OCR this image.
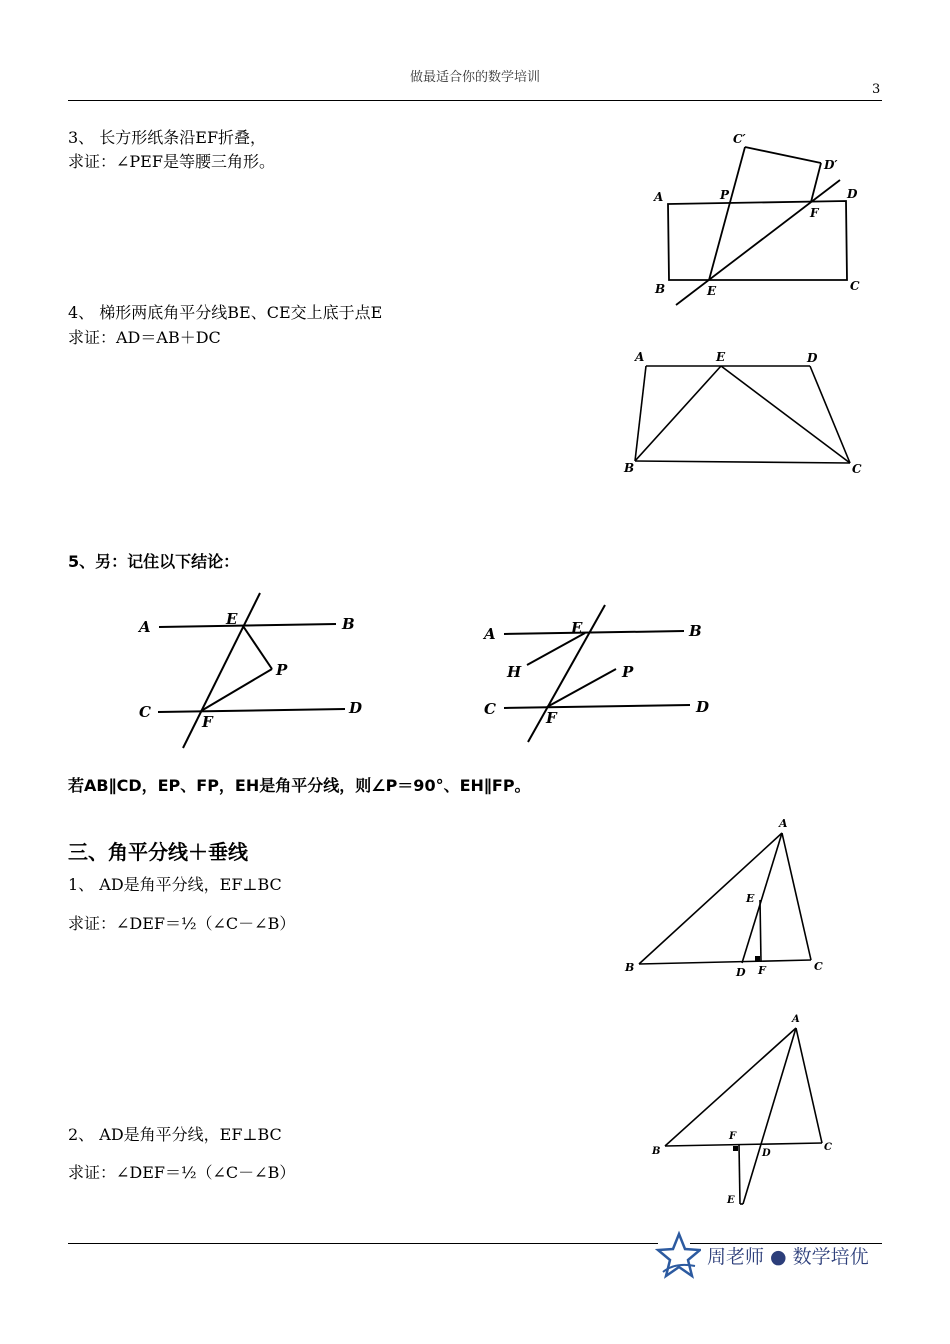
做最适合你的数学培训
3
3、 长方形纸条沿EF折叠，
求证：∠PEF是等腰三角形。
C′
D′
A	P	D
F
B	E	C
4、 梯形两底角平分线BE、CE交上底于点E
求证：AD＝AB＋DC
A	E	D
B	C
5、另：记住以下结论：
A	E	B
P
C
F
D
A	E	B
H	P
C	F
D
若AB∥CD，EP、FP，EH是角平分线，则∠P＝90°、EH∥FP。
三、角平分线＋垂线
1、 AD是角平分线，EF⊥BC
求证：∠DEF＝½（∠C－∠B）
A
E
B	D F	C
2、 AD是角平分线，EF⊥BC
求证：∠DEF＝½（∠C－∠B）
A
F
B	D
C
E
周老师 ● 数学培优
